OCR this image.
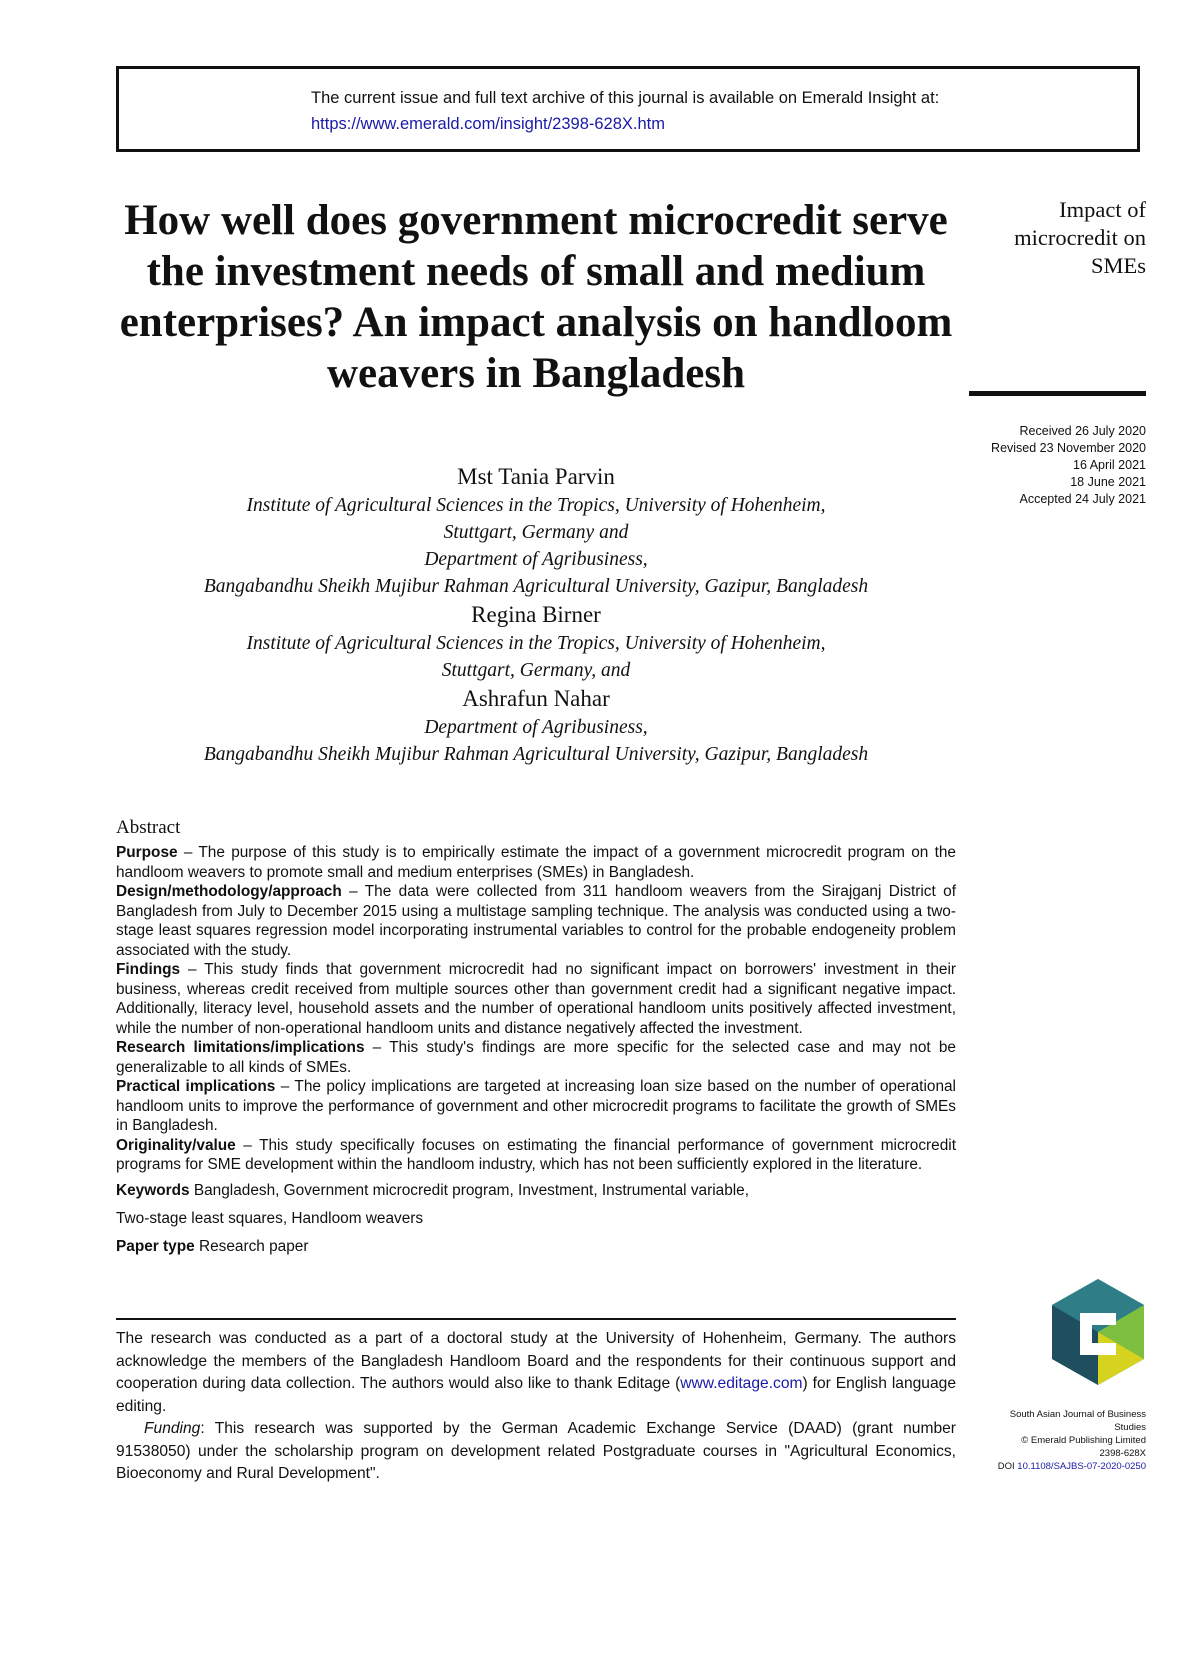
The current issue and full text archive of this journal is available on Emerald Insight at:
https://www.emerald.com/insight/2398-628X.htm
How well does government microcredit serve the investment needs of small and medium enterprises? An impact analysis on handloom weavers in Bangladesh
Impact of
microcredit on
SMEs
Received 26 July 2020
Revised 23 November 2020
16 April 2021
18 June 2021
Accepted 24 July 2021
Mst Tania Parvin
Institute of Agricultural Sciences in the Tropics, University of Hohenheim,
Stuttgart, Germany and
Department of Agribusiness,
Bangabandhu Sheikh Mujibur Rahman Agricultural University, Gazipur, Bangladesh
Regina Birner
Institute of Agricultural Sciences in the Tropics, University of Hohenheim,
Stuttgart, Germany, and
Ashrafun Nahar
Department of Agribusiness,
Bangabandhu Sheikh Mujibur Rahman Agricultural University, Gazipur, Bangladesh
Abstract

Purpose – The purpose of this study is to empirically estimate the impact of a government microcredit program on the handloom weavers to promote small and medium enterprises (SMEs) in Bangladesh.

Design/methodology/approach – The data were collected from 311 handloom weavers from the Sirajganj District of Bangladesh from July to December 2015 using a multistage sampling technique. The analysis was conducted using a two-stage least squares regression model incorporating instrumental variables to control for the probable endogeneity problem associated with the study.

Findings – This study finds that government microcredit had no significant impact on borrowers' investment in their business, whereas credit received from multiple sources other than government credit had a significant negative impact. Additionally, literacy level, household assets and the number of operational handloom units positively affected investment, while the number of non-operational handloom units and distance negatively affected the investment.

Research limitations/implications – This study's findings are more specific for the selected case and may not be generalizable to all kinds of SMEs.

Practical implications – The policy implications are targeted at increasing loan size based on the number of operational handloom units to improve the performance of government and other microcredit programs to facilitate the growth of SMEs in Bangladesh.

Originality/value – This study specifically focuses on estimating the financial performance of government microcredit programs for SME development within the handloom industry, which has not been sufficiently explored in the literature.

Keywords Bangladesh, Government microcredit program, Investment, Instrumental variable,

Two-stage least squares, Handloom weavers

Paper type Research paper

The research was conducted as a part of a doctoral study at the University of Hohenheim, Germany. The authors acknowledge the members of the Bangladesh Handloom Board and the respondents for their continuous support and cooperation during data collection. The authors would also like to thank Editage (www.editage.com) for English language editing.

Funding: This research was supported by the German Academic Exchange Service (DAAD) (grant number 91538050) under the scholarship program on development related Postgraduate courses in "Agricultural Economics, Bioeconomy and Rural Development".

South Asian Journal of Business
Studies
© Emerald Publishing Limited
2398-628X
DOI 10.1108/SAJBS-07-2020-0250
